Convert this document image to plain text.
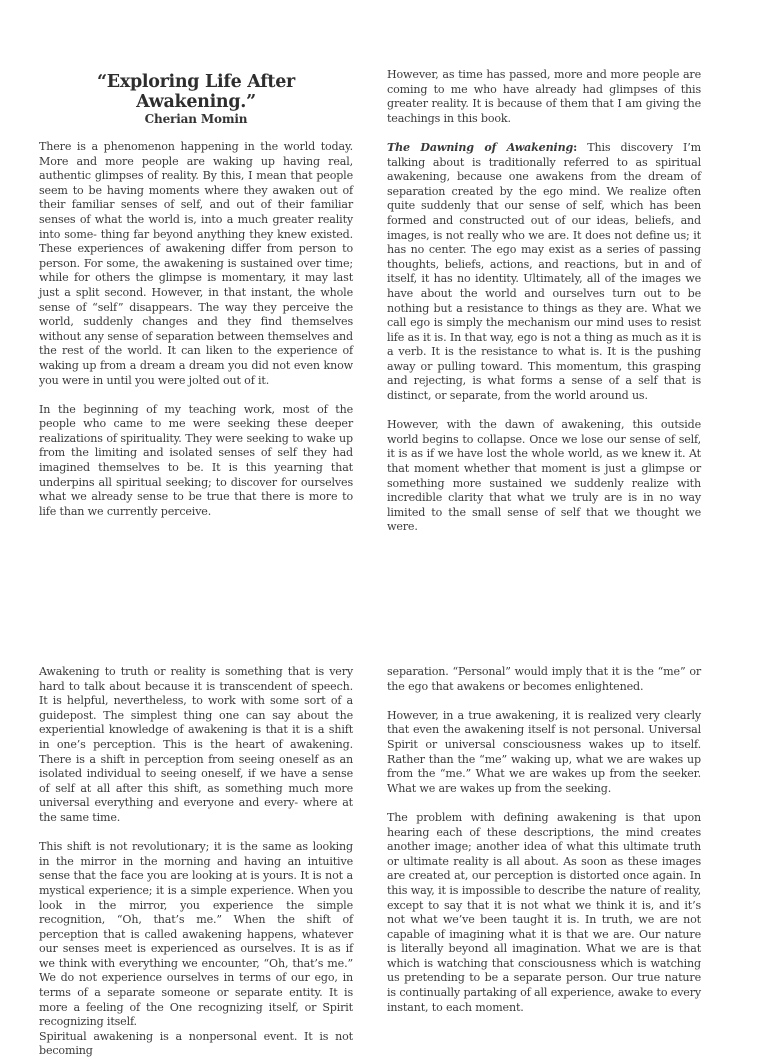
“Exploring Life After Awakening.”
Cherian Momin

There is a phenomenon happening in the world today. More and more people are waking up having real, authentic glimpses of reality. By this, I mean that people seem to be having moments where they awaken out of their familiar senses of self, and out of their familiar senses of what the world is, into a much greater reality into some- thing far beyond anything they knew existed. These experiences of awakening differ from person to person. For some, the awakening is sustained over time; while for others the glimpse is momentary, it may last just a split second. However, in that instant, the whole sense of “self” disappears. The way they perceive the world, suddenly changes and they find themselves without any sense of separation between themselves and the rest of the world. It can liken to the experience of waking up from a dream a dream you did not even know you were in until you were jolted out of it.

In the beginning of my teaching work, most of the people who came to me were seeking these deeper realizations of spirituality. They were seeking to wake up from the limiting and isolated senses of self they had imagined themselves to be. It is this yearning that underpins all spiritual seeking; to discover for ourselves what we already sense to be true that there is more to life than we currently perceive.

However, as time has passed, more and more people are coming to me who have already had glimpses of this greater reality. It is because of them that I am giving the teachings in this book.

The Dawning of Awakening: This discovery I’m talking about is traditionally referred to as spiritual awakening, because one awakens from the dream of separation created by the ego mind. We realize often quite suddenly that our sense of self, which has been formed and constructed out of our ideas, beliefs, and images, is not really who we are. It does not define us; it has no center. The ego may exist as a series of passing thoughts, beliefs, actions, and reactions, but in and of itself, it has no identity. Ultimately, all of the images we have about the world and ourselves turn out to be nothing but a resistance to things as they are. What we call ego is simply the mechanism our mind uses to resist life as it is. In that way, ego is not a thing as much as it is a verb. It is the resistance to what is. It is the pushing away or pulling toward. This momentum, this grasping and rejecting, is what forms a sense of a self that is distinct, or separate, from the world around us.

However, with the dawn of awakening, this outside world begins to collapse. Once we lose our sense of self, it is as if we have lost the whole world, as we knew it. At that moment whether that moment is just a glimpse or something more sustained we suddenly realize with incredible clarity that what we truly are is in no way limited to the small sense of self that we thought we were.

Awakening to truth or reality is something that is very hard to talk about because it is transcendent of speech. It is helpful, nevertheless, to work with some sort of a guidepost. The simplest thing one can say about the experiential knowledge of awakening is that it is a shift in one’s perception. This is the heart of awakening. There is a shift in perception from seeing oneself as an isolated individual to seeing oneself, if we have a sense of self at all after this shift, as something much more universal everything and everyone and every- where at the same time.

This shift is not revolutionary; it is the same as looking in the mirror in the morning and having an intuitive sense that the face you are looking at is yours. It is not a mystical experience; it is a simple experience. When you look in the mirror, you experience the simple recognition, “Oh, that’s me.” When the shift of perception that is called awakening happens, whatever our senses meet is experienced as ourselves. It is as if we think with everything we encounter, “Oh, that’s me.” We do not experience ourselves in terms of our ego, in terms of a separate someone or separate entity. It is more a feeling of the One recognizing itself, or Spirit recognizing itself.

Spiritual awakening is a nonpersonal event. It is not becoming

separation. “Personal” would imply that it is the “me” or the ego that awakens or becomes enlightened.

However, in a true awakening, it is realized very clearly that even the awakening itself is not personal. Universal Spirit or universal consciousness wakes up to itself. Rather than the “me” waking up, what we are wakes up from the “me.” What we are wakes up from the seeker. What we are wakes up from the seeking.

The problem with defining awakening is that upon hearing each of these descriptions, the mind creates another image; another idea of what this ultimate truth or ultimate reality is all about. As soon as these images are created at, our perception is distorted once again. In this way, it is impossible to describe the nature of reality, except to say that it is not what we think it is, and it’s not what we’ve been taught it is. In truth, we are not capable of imagining what it is that we are. Our nature is literally beyond all imagination. What we are is that which is watching that consciousness which is watching us pretending to be a separate person. Our true nature is continually partaking of all experience, awake to every instant, to each moment.
